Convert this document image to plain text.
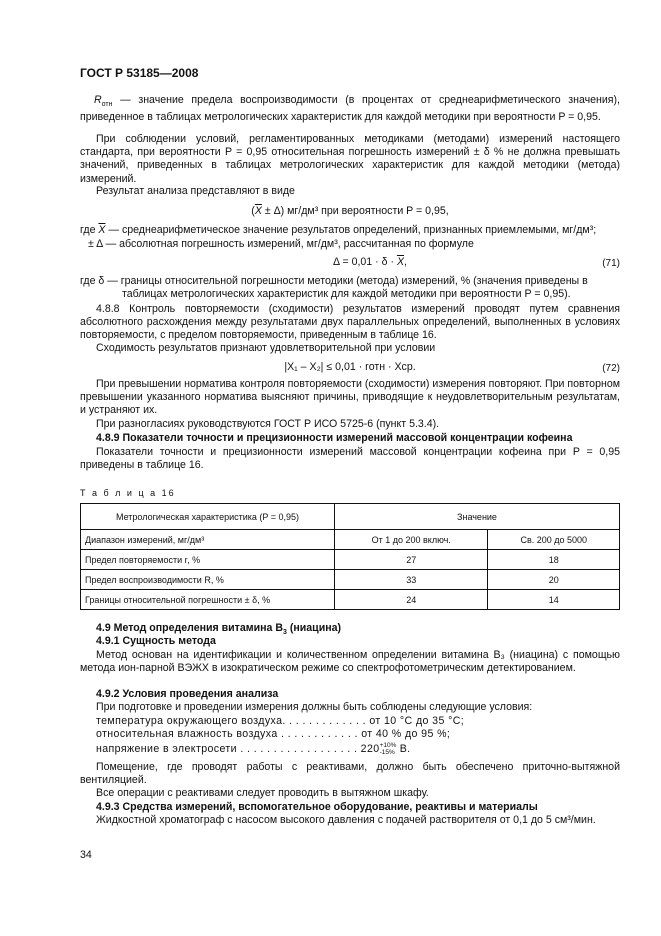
ГОСТ Р 53185—2008
$R_{отн}$ — значение предела воспроизводимости (в процентах от среднеарифметического значения), приведенное в таблицах метрологических характеристик для каждой методики при вероятности P = 0,95.
При соблюдении условий, регламентированных методиками (методами) измерений настоящего стандарта, при вероятности P = 0,95 относительная погрешность измерений ± δ % не должна превышать значений, приведенных в таблицах метрологических характеристик для каждой методики (метода) измерений.
Результат анализа представляют в виде
$(\overline{X} \pm \Delta)$ мг/дм³ при вероятности P = 0,95,
где $\overline{X}$ — среднеарифметическое значение результатов определений, признанных приемлемыми, мг/дм³;
± Δ — абсолютная погрешность измерений, мг/дм³, рассчитанная по формуле
$\Delta = 0,01 \cdot \delta \cdot \overline{X}$,	(71)
где δ — границы относительной погрешности методики (метода) измерений, % (значения приведены в
таблицах метрологических характеристик для каждой методики при вероятности P = 0,95).
4.8.8 Контроль повторяемости (сходимости) результатов измерений проводят путем сравнения абсолютного расхождения между результатами двух параллельных определений, выполненных в условиях повторяемости, с пределом повторяемости, приведенным в таблице 16.
Сходимость результатов признают удовлетворительной при условии
|X₁ – X₂| ≤ 0,01 · rотн · Xср.	(72)
При превышении норматива контроля повторяемости (сходимости) измерения повторяют. При повторном превышении указанного норматива выясняют причины, приводящие к неудовлетворительным результатам, и устраняют их.
При разногласиях руководствуются ГОСТ Р ИСО 5725-6 (пункт 5.3.4).
4.8.9 Показатели точности и прецизионности измерений массовой концентрации кофеина
Показатели точности и прецизионности измерений массовой концентрации кофеина при P = 0,95 приведены в таблице 16.
Т а б л и ц а 16
Метрологическая характеристика (P = 0,95)	Значение	
Диапазон измерений, мг/дм³	От 1 до 200 включ.	Св. 200 до 5000
Предел повторяемости r, %	27	18
Предел воспроизводимости R, %	33	20
Границы относительной погрешности ± δ, %	24	14
4.9 Метод определения витамина $B_3$ (ниацина)
4.9.1 Сущность метода
Метод основан на идентификации и количественном определении витамина B₃ (ниацина) с помощью метода ион-парной ВЭЖХ в изократическом режиме со спектрофотометрическим детектированием.
4.9.2 Условия проведения анализа
При подготовке и проведении измерения должны быть соблюдены следующие условия:
температура окружающего воздуха. . . . . . . . . . . . . от 10 °С до 35 °С;
относительная влажность воздуха . . . . . . . . . . . . от 40 % до 95 %;
напряжение в электросети . . . . . . . . . . . . . . . . . . 220 +10%
-15% В.
Помещение, где проводят работы с реактивами, должно быть обеспечено приточно-вытяжной вентиляцией.
Все операции с реактивами следует проводить в вытяжном шкафу.
4.9.3 Средства измерений, вспомогательное оборудование, реактивы и материалы
Жидкостной хроматограф с насосом высокого давления с подачей растворителя от 0,1 до 5 см³/мин.
34
